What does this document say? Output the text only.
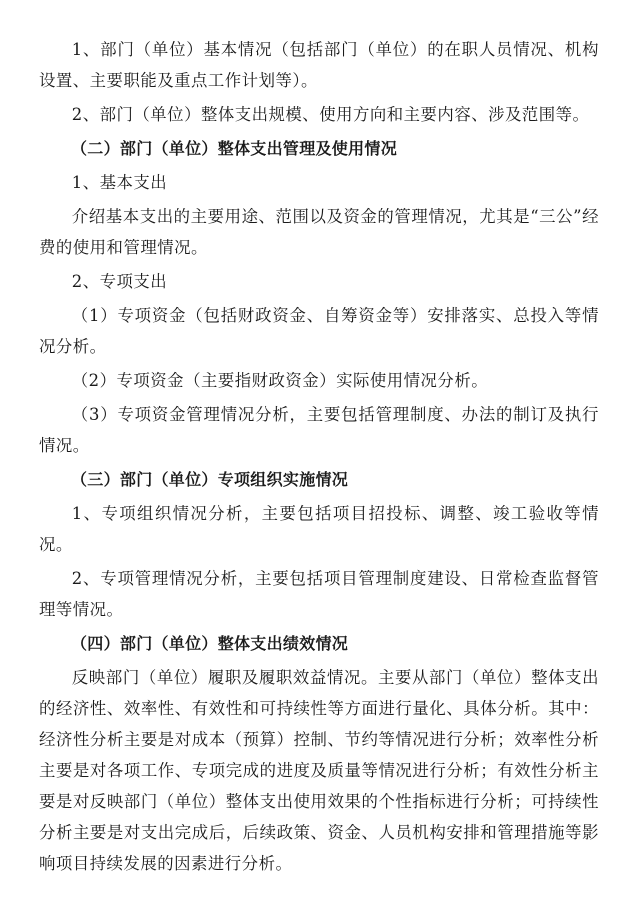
1、部门（单位）基本情况（包括部门（单位）的在职人员情况、机构设置、主要职能及重点工作计划等）。

2、部门（单位）整体支出规模、使用方向和主要内容、涉及范围等。

（二）部门（单位）整体支出管理及使用情况

1、基本支出

介绍基本支出的主要用途、范围以及资金的管理情况，尤其是“三公”经费的使用和管理情况。

2、专项支出

（1）专项资金（包括财政资金、自筹资金等）安排落实、总投入等情况分析。

（2）专项资金（主要指财政资金）实际使用情况分析。

（3）专项资金管理情况分析，主要包括管理制度、办法的制订及执行情况。

（三）部门（单位）专项组织实施情况

1、专项组织情况分析，主要包括项目招投标、调整、竣工验收等情况。

2、专项管理情况分析，主要包括项目管理制度建设、日常检查监督管理等情况。

（四）部门（单位）整体支出绩效情况

反映部门（单位）履职及履职效益情况。主要从部门（单位）整体支出的经济性、效率性、有效性和可持续性等方面进行量化、具体分析。其中：经济性分析主要是对成本（预算）控制、节约等情况进行分析；效率性分析主要是对各项工作、专项完成的进度及质量等情况进行分析；有效性分析主要是对反映部门（单位）整体支出使用效果的个性指标进行分析；可持续性分析主要是对支出完成后，后续政策、资金、人员机构安排和管理措施等影响项目持续发展的因素进行分析。
